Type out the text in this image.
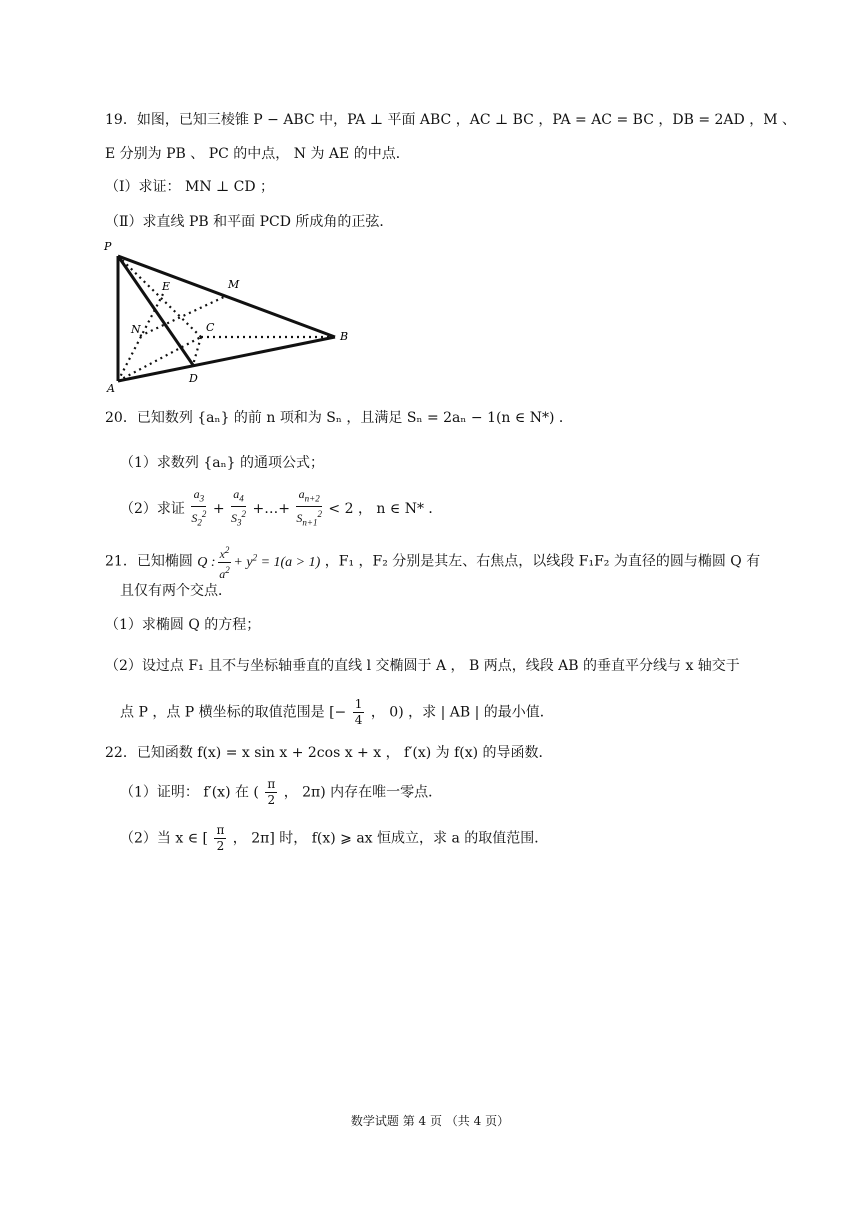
19．如图，已知三棱锥 P − ABC 中，PA ⊥ 平面 ABC ，AC ⊥ BC ，PA = AC = BC ，DB = 2AD ，M 、
E 分别为 PB 、 PC 的中点， N 为 AE 的中点．
（Ⅰ）求证： MN ⊥ CD ；
（Ⅱ）求直线 PB 和平面 PCD 所成角的正弦．
P
E	M
N	C
B
A
D
20．已知数列 {aₙ} 的前 n 项和为 Sₙ ，且满足 Sₙ = 2aₙ − 1(n ∈ N*) ．
（1）求数列 {aₙ} 的通项公式；
（2）求证 $\frac{a_3}{S_2^2} + \frac{a_4}{S_3^2}$ +…+ $\frac{a_{n+2}}{S_{n+1}^2} < 2$ ， n ∈ N* ．
21．已知椭圆 Q : $\frac{x^2}{a^2} + y^2 = 1(a > 1)$ ，F₁ ，F₂ 分别是其左、右焦点，以线段 F₁F₂ 为直径的圆与椭圆 Q 有
且仅有两个交点．
（1）求椭圆 Q 的方程；
（2）设过点 F₁ 且不与坐标轴垂直的直线 l 交椭圆于 A ， B 两点，线段 AB 的垂直平分线与 x 轴交于
点 P ，点 P 横坐标的取值范围是 [− $\frac{1}{4}$ ， 0) ，求 | AB | 的最小值．
22．已知函数 f(x) = x sin x + 2cos x + x ， f′(x) 为 f(x) 的导函数．
（1）证明： f′(x) 在 ( $\frac{\pi}{2}$ ， 2π) 内存在唯一零点．
（2）当 x ∈ [ $\frac{\pi}{2}$ ， 2π] 时， f(x) ⩾ ax 恒成立，求 a 的取值范围．
数学试题 第 4 页 （共 4 页）
